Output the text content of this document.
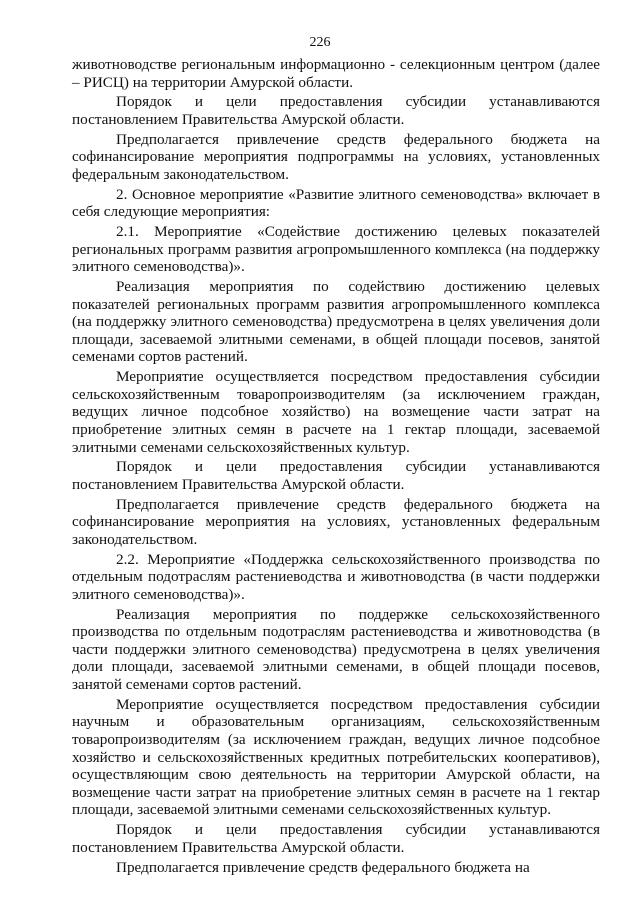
226

животноводстве региональным информационно - селекционным центром (далее – РИСЦ) на территории Амурской области.

Порядок и цели предоставления субсидии устанавливаются постановлением Правительства Амурской области.

Предполагается привлечение средств федерального бюджета на софинансирование мероприятия подпрограммы на условиях, установленных федеральным законодательством.

2. Основное мероприятие «Развитие элитного семеноводства» включает в себя следующие мероприятия:

2.1. Мероприятие «Содействие достижению целевых показателей региональных программ развития агропромышленного комплекса (на поддержку элитного семеноводства)».

Реализация мероприятия по содействию достижению целевых показателей региональных программ развития агропромышленного комплекса (на поддержку элитного семеноводства) предусмотрена в целях увеличения доли площади, засеваемой элитными семенами, в общей площади посевов, занятой семенами сортов растений.

Мероприятие осуществляется посредством предоставления субсидии сельскохозяйственным товаропроизводителям (за исключением граждан, ведущих личное подсобное хозяйство) на возмещение части затрат на приобретение элитных семян в расчете на 1 гектар площади, засеваемой элитными семенами сельскохозяйственных культур.

Порядок и цели предоставления субсидии устанавливаются постановлением Правительства Амурской области.

Предполагается привлечение средств федерального бюджета на софинансирование мероприятия на условиях, установленных федеральным законодательством.

2.2. Мероприятие «Поддержка сельскохозяйственного производства по отдельным подотраслям растениеводства и животноводства (в части поддержки элитного семеноводства)».

Реализация мероприятия по поддержке сельскохозяйственного производства по отдельным подотраслям растениеводства и животноводства (в части поддержки элитного семеноводства) предусмотрена в целях увеличения доли площади, засеваемой элитными семенами, в общей площади посевов, занятой семенами сортов растений.

Мероприятие осуществляется посредством предоставления субсидии научным и образовательным организациям, сельскохозяйственным товаропроизводителям (за исключением граждан, ведущих личное подсобное хозяйство и сельскохозяйственных кредитных потребительских кооперативов), осуществляющим свою деятельность на территории Амурской области, на возмещение части затрат на приобретение элитных семян в расчете на 1 гектар площади, засеваемой элитными семенами сельскохозяйственных культур.

Порядок и цели предоставления субсидии устанавливаются постановлением Правительства Амурской области.

Предполагается привлечение средств федерального бюджета на
